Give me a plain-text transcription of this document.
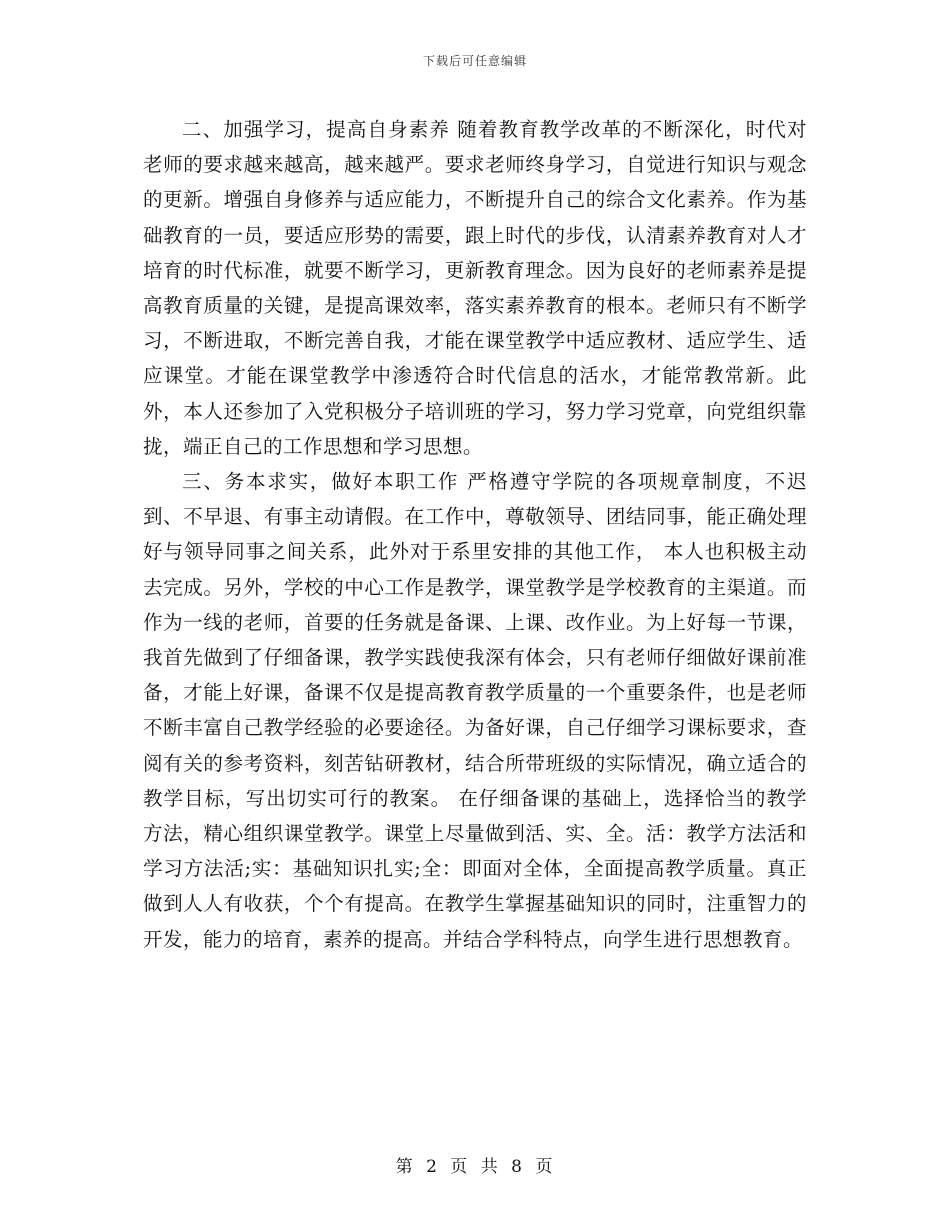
下载后可任意编辑

二、加强学习，提高自身素养 随着教育教学改革的不断深化，时代对老师的要求越来越高，越来越严。要求老师终身学习，自觉进行知识与观念的更新。增强自身修养与适应能力，不断提升自己的综合文化素养。作为基础教育的一员，要适应形势的需要，跟上时代的步伐，认清素养教育对人才培育的时代标准，就要不断学习，更新教育理念。因为良好的老师素养是提高教育质量的关键，是提高课效率，落实素养教育的根本。老师只有不断学习，不断进取，不断完善自我，才能在课堂教学中适应教材、适应学生、适应课堂。才能在课堂教学中渗透符合时代信息的活水，才能常教常新。此外，本人还参加了入党积极分子培训班的学习，努力学习党章，向党组织靠拢，端正自己的工作思想和学习思想。

三、务本求实，做好本职工作 严格遵守学院的各项规章制度，不迟到、不早退、有事主动请假。在工作中，尊敬领导、团结同事，能正确处理好与领导同事之间关系，此外对于系里安排的其他工作， 本人也积极主动去完成。另外，学校的中心工作是教学，课堂教学是学校教育的主渠道。而作为一线的老师，首要的任务就是备课、上课、改作业。为上好每一节课，我首先做到了仔细备课，教学实践使我深有体会，只有老师仔细做好课前准备，才能上好课，备课不仅是提高教育教学质量的一个重要条件，也是老师不断丰富自己教学经验的必要途径。为备好课，自己仔细学习课标要求，查阅有关的参考资料，刻苦钻研教材，结合所带班级的实际情况，确立适合的教学目标，写出切实可行的教案。 在仔细备课的基础上，选择恰当的教学方法，精心组织课堂教学。课堂上尽量做到活、实、全。活：教学方法活和学习方法活;实：基础知识扎实;全：即面对全体，全面提高教学质量。真正做到人人有收获，个个有提高。在教学生掌握基础知识的同时，注重智力的开发，能力的培育，素养的提高。并结合学科特点，向学生进行思想教育。

第 2 页 共 8 页
